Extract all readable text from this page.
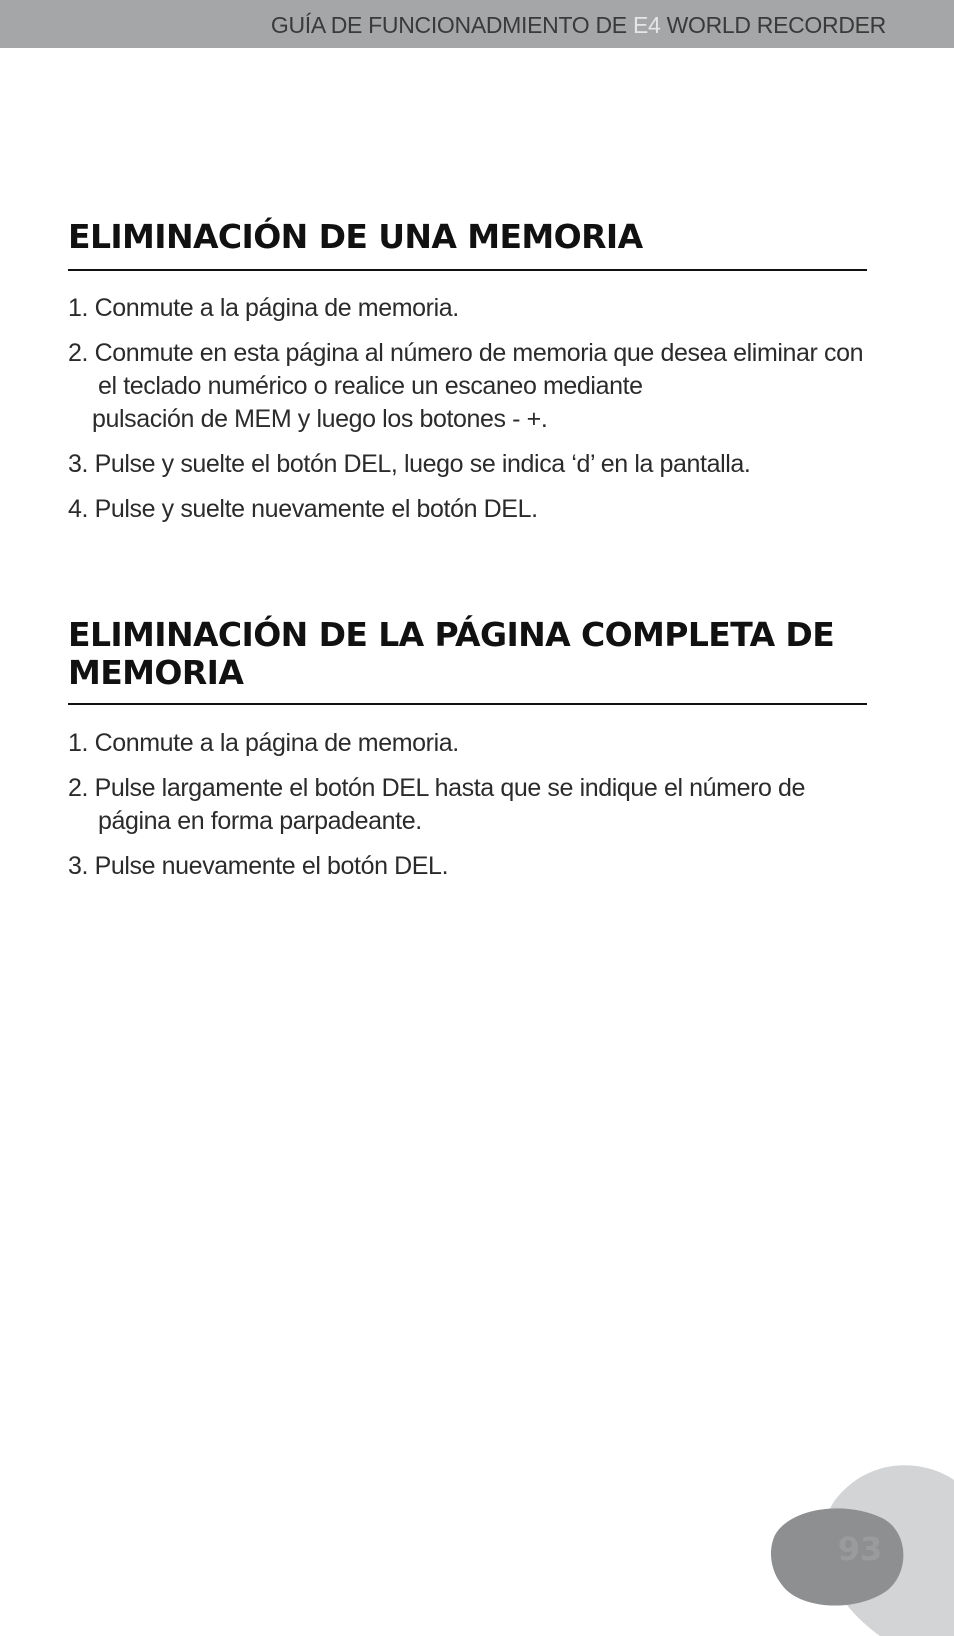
GUÍA DE FUNCIONADMIENTO DE E4 WORLD RECORDER
ELIMINACIÓN DE UNA MEMORIA
1. Conmute a la página de memoria.
2. Conmute en esta página al número de memoria que desea eliminar con
el teclado numérico o realice un escaneo mediante
pulsación de MEM y luego los botones - +.
3. Pulse y suelte el botón DEL, luego se indica ‘d’ en la pantalla.
4. Pulse y suelte nuevamente el botón DEL.
ELIMINACIÓN DE LA PÁGINA COMPLETA DE
MEMORIA
1. Conmute a la página de memoria.
2. Pulse largamente el botón DEL hasta que se indique el número de
página en forma parpadeante.
3. Pulse nuevamente el botón DEL.
93
